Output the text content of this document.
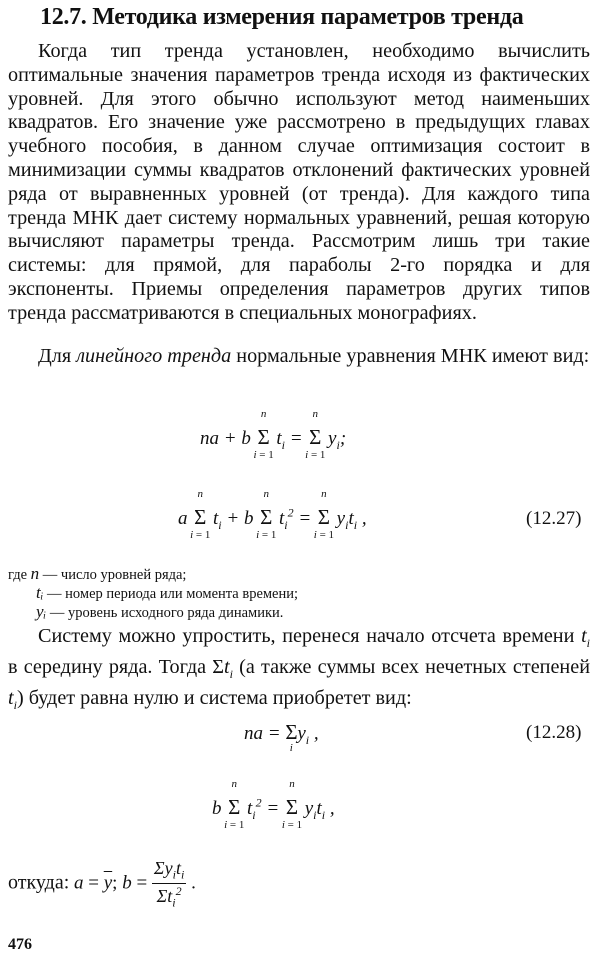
12.7. Методика измерения параметров тренда

Когда тип тренда установлен, необходимо вычислить оптимальные значения параметров тренда исходя из фактических уровней. Для этого обычно используют метод наименьших квадратов. Его значение уже рассмотрено в предыдущих главах учебного пособия, в данном случае оптимизация состоит в минимизации суммы квадратов отклонений фактических уровней ряда от выравненных уровней (от тренда). Для каждого типа тренда МНК дает систему нормальных уравнений, решая которую вычисляют параметры тренда. Рассмотрим лишь три такие системы: для прямой, для параболы 2-го порядка и для экспоненты. Приемы определения параметров других типов тренда рассматриваются в специальных монографиях.

Для линейного тренда нормальные уравнения МНК имеют вид:

na + b
n
Σ
i = 1
$t_i$ =
n
Σ
i = 1
$y_i$;
a
n
Σ
i = 1
$t_i + b$
n
Σ
i = 1
$t_i^2$ =
n
Σ
i = 1
$y_it_i$ ,	(12.27)
где n — число уровней ряда;
tᵢ — номер периода или момента времени;
yᵢ — уровень исходного ряда динамики.

Систему можно упростить, перенеся начало отсчета времени $t_i$ в середину ряда. Тогда $\Sigma t_i$ (а также суммы всех нечетных степеней $t_i$) будет равна нулю и система приобретет вид:

na = Σ
i
$y_i$ ,	(12.28)
b
n
Σ
i = 1
$t_i^2$ =
n
Σ
i = 1
$y_it_i$ ,
откуда: $a = \overline{y}$; $b = \frac{\Sigma y_it_i}{\Sigma t_i^2}$ .
476
